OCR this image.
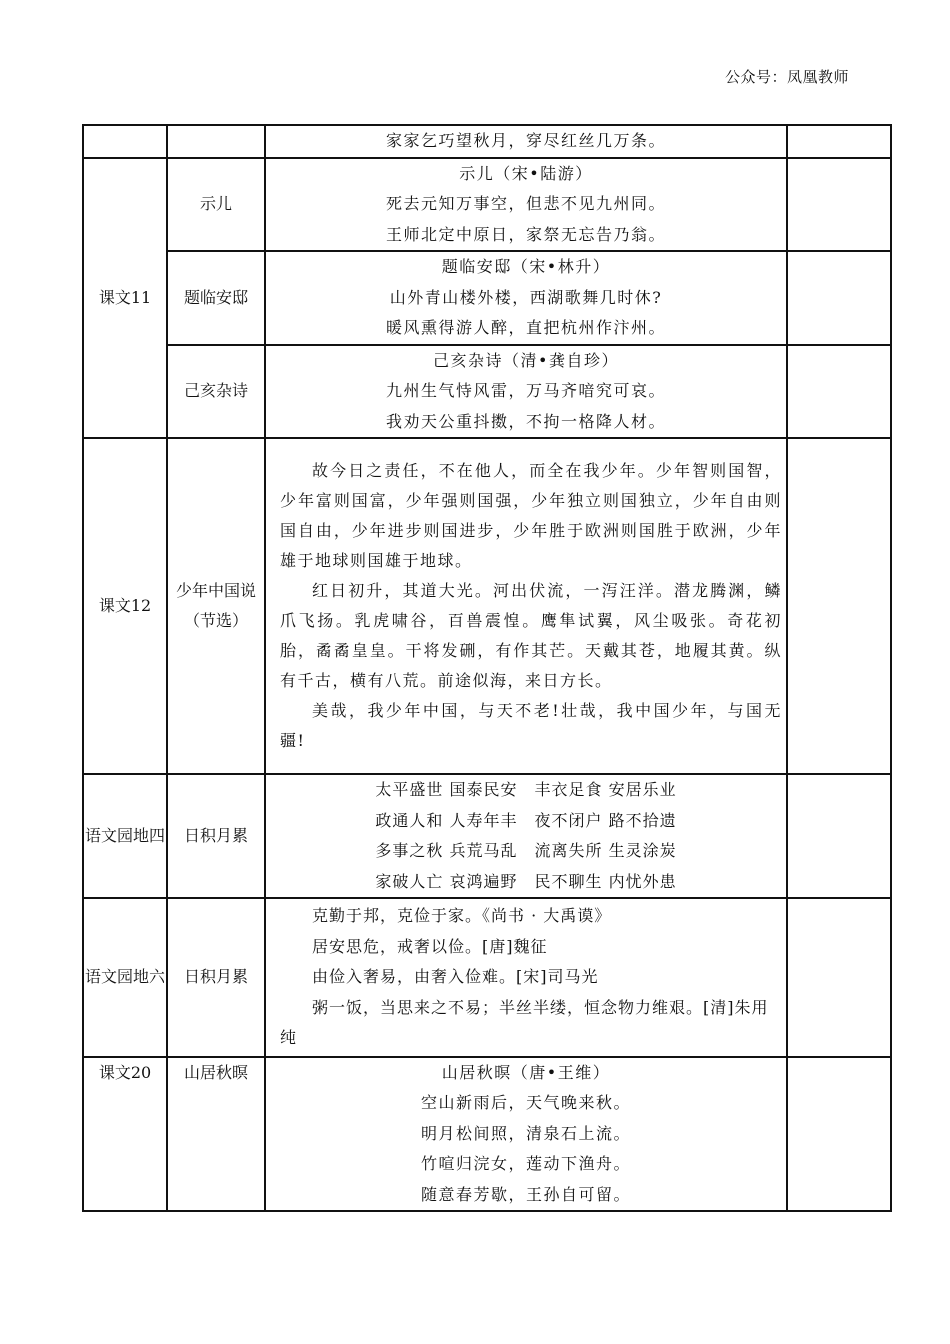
公众号：凤凰教师

		家家乞巧望秋月，穿尽红丝几万条。	

课文11	示儿	示儿（宋•陆游）
死去元知万事空，但悲不见九州同。
王师北定中原日，家祭无忘告乃翁。	

	题临安邸	题临安邸（宋•林升）
山外青山楼外楼，西湖歌舞几时休?
暖风熏得游人醉，直把杭州作汴州。	

	己亥杂诗	己亥杂诗（清•龚自珍）
九州生气恃风雷，万马齐喑究可哀。
我劝天公重抖擞，不拘一格降人材。	

课文12	少年中国说（节选）	故今日之责任，不在他人，而全在我少年。少年智则国智，少年富则国富，少年强则国强，少年独立则国独立，少年自由则国自由，少年进步则国进步，少年胜于欧洲则国胜于欧洲，少年雄于地球则国雄于地球。

红日初升，其道大光。河出伏流，一泻汪洋。潜龙腾渊，鳞爪飞扬。乳虎啸谷，百兽震惶。鹰隼试翼，风尘吸张。奇花初胎，矞矞皇皇。干将发硎，有作其芒。天戴其苍，地履其黄。纵有千古，横有八荒。前途似海，来日方长。

美哉，我少年中国，与天不老!壮哉，我中国少年，与国无疆!	

语文园地四	日积月累	太平盛世 国泰民安　丰衣足食 安居乐业
政通人和 人寿年丰　夜不闭户 路不拾遗
多事之秋 兵荒马乱　流离失所 生灵涂炭
家破人亡 哀鸿遍野　民不聊生 内忧外患	

语文园地六	日积月累	克勤于邦，克俭于家。《尚书 · 大禹谟》

居安思危，戒奢以俭。[唐]魏征

由俭入奢易，由奢入俭难。[宋]司马光

粥一饭，当思来之不易；半丝半缕，恒念物力维艰。[清]朱用纯	

课文20	山居秋暝	山居秋暝（唐•王维）
空山新雨后，天气晚来秋。
明月松间照，清泉石上流。
竹喧归浣女，莲动下渔舟。
随意春芳歇，王孙自可留。	
